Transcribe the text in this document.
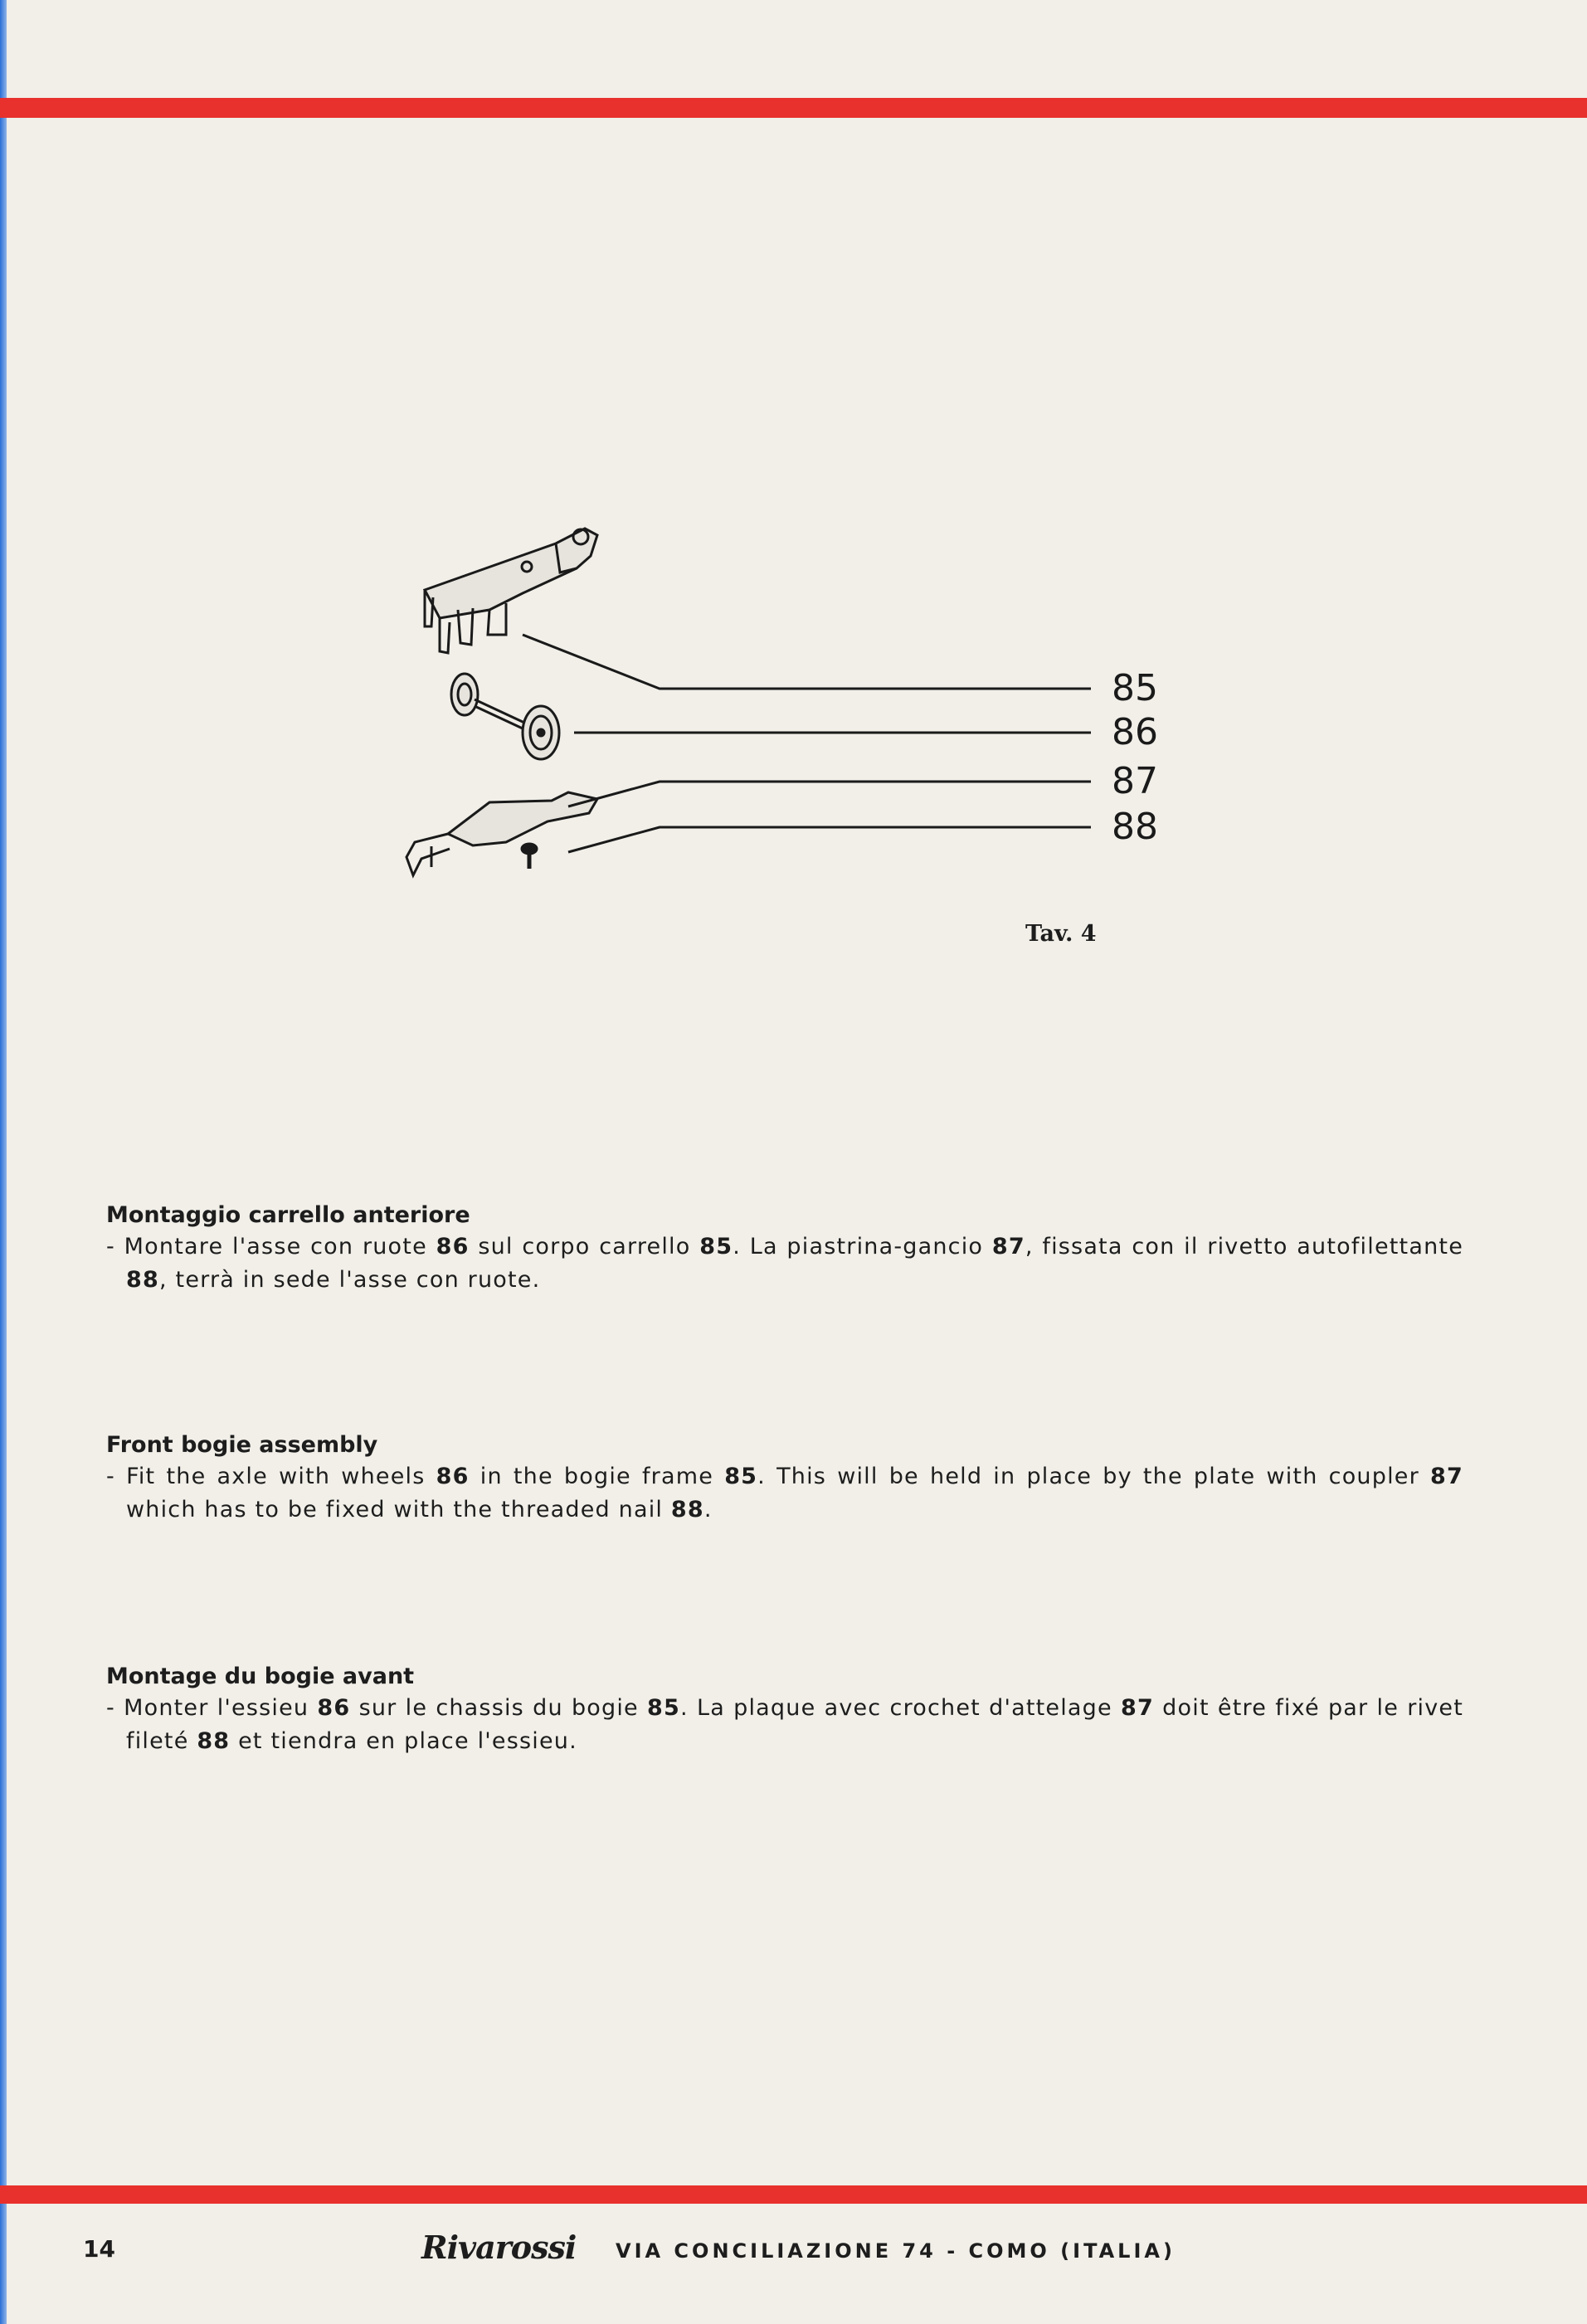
85
86
87
88
Tav. 4
Montaggio carrello anteriore

- Montare l'asse con ruote 86 sul corpo carrello 85. La piastrina-gancio 87, fissata con il rivetto autofilettante 88, terrà in sede l'asse con ruote.

Front bogie assembly

- Fit the axle with wheels 86 in the bogie frame 85. This will be held in place by the plate with coupler 87 which has to be fixed with the threaded nail 88.

Montage du bogie avant

- Monter l'essieu 86 sur le chassis du bogie 85. La plaque avec crochet d'attelage 87 doit être fixé par le rivet fileté 88 et tiendra en place l'essieu.

14	Rivarossi VIA CONCILIAZIONE 74 - COMO (ITALIA)
